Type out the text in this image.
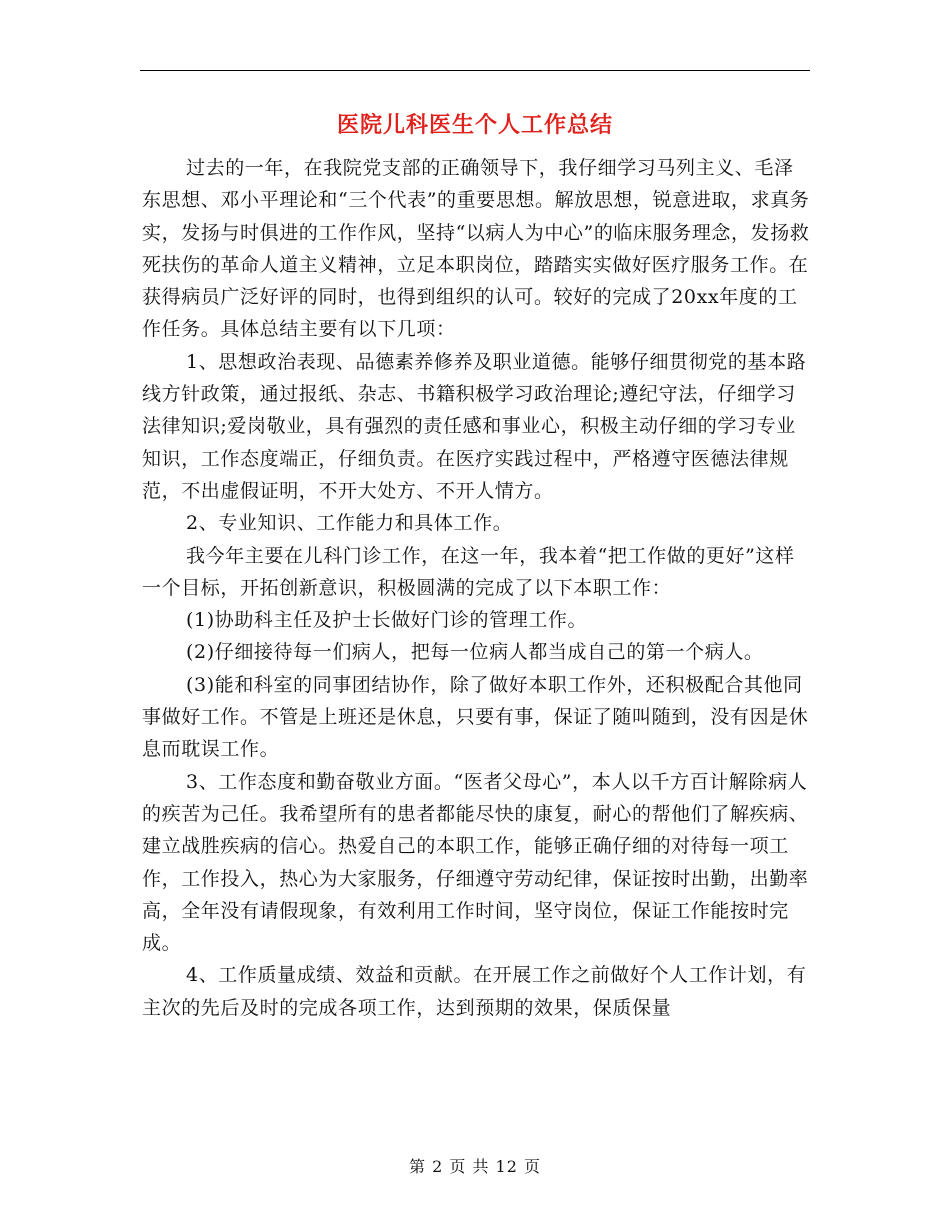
医院儿科医生个人工作总结

过去的一年，在我院党支部的正确领导下，我仔细学习马列主义、毛泽东思想、邓小平理论和“三个代表”的重要思想。解放思想，锐意进取，求真务实，发扬与时俱进的工作作风，坚持“以病人为中心”的临床服务理念，发扬救死扶伤的革命人道主义精神，立足本职岗位，踏踏实实做好医疗服务工作。在获得病员广泛好评的同时，也得到组织的认可。较好的完成了20xx年度的工作任务。具体总结主要有以下几项：

1、思想政治表现、品德素养修养及职业道德。能够仔细贯彻党的基本路线方针政策，通过报纸、杂志、书籍积极学习政治理论;遵纪守法，仔细学习法律知识;爱岗敬业，具有强烈的责任感和事业心，积极主动仔细的学习专业知识，工作态度端正，仔细负责。在医疗实践过程中，严格遵守医德法律规范，不出虚假证明，不开大处方、不开人情方。

2、专业知识、工作能力和具体工作。

我今年主要在儿科门诊工作，在这一年，我本着“把工作做的更好”这样一个目标，开拓创新意识，积极圆满的完成了以下本职工作：

(1)协助科主任及护士长做好门诊的管理工作。

(2)仔细接待每一们病人，把每一位病人都当成自己的第一个病人。

(3)能和科室的同事团结协作，除了做好本职工作外，还积极配合其他同事做好工作。不管是上班还是休息，只要有事，保证了随叫随到，没有因是休息而耽误工作。

3、工作态度和勤奋敬业方面。“医者父母心”，本人以千方百计解除病人的疾苦为己任。我希望所有的患者都能尽快的康复，耐心的帮他们了解疾病、建立战胜疾病的信心。热爱自己的本职工作，能够正确仔细的对待每一项工作，工作投入，热心为大家服务，仔细遵守劳动纪律，保证按时出勤，出勤率高，全年没有请假现象，有效利用工作时间，坚守岗位，保证工作能按时完成。

4、工作质量成绩、效益和贡献。在开展工作之前做好个人工作计划，有主次的先后及时的完成各项工作，达到预期的效果，保质保量

第 2 页 共 12 页
